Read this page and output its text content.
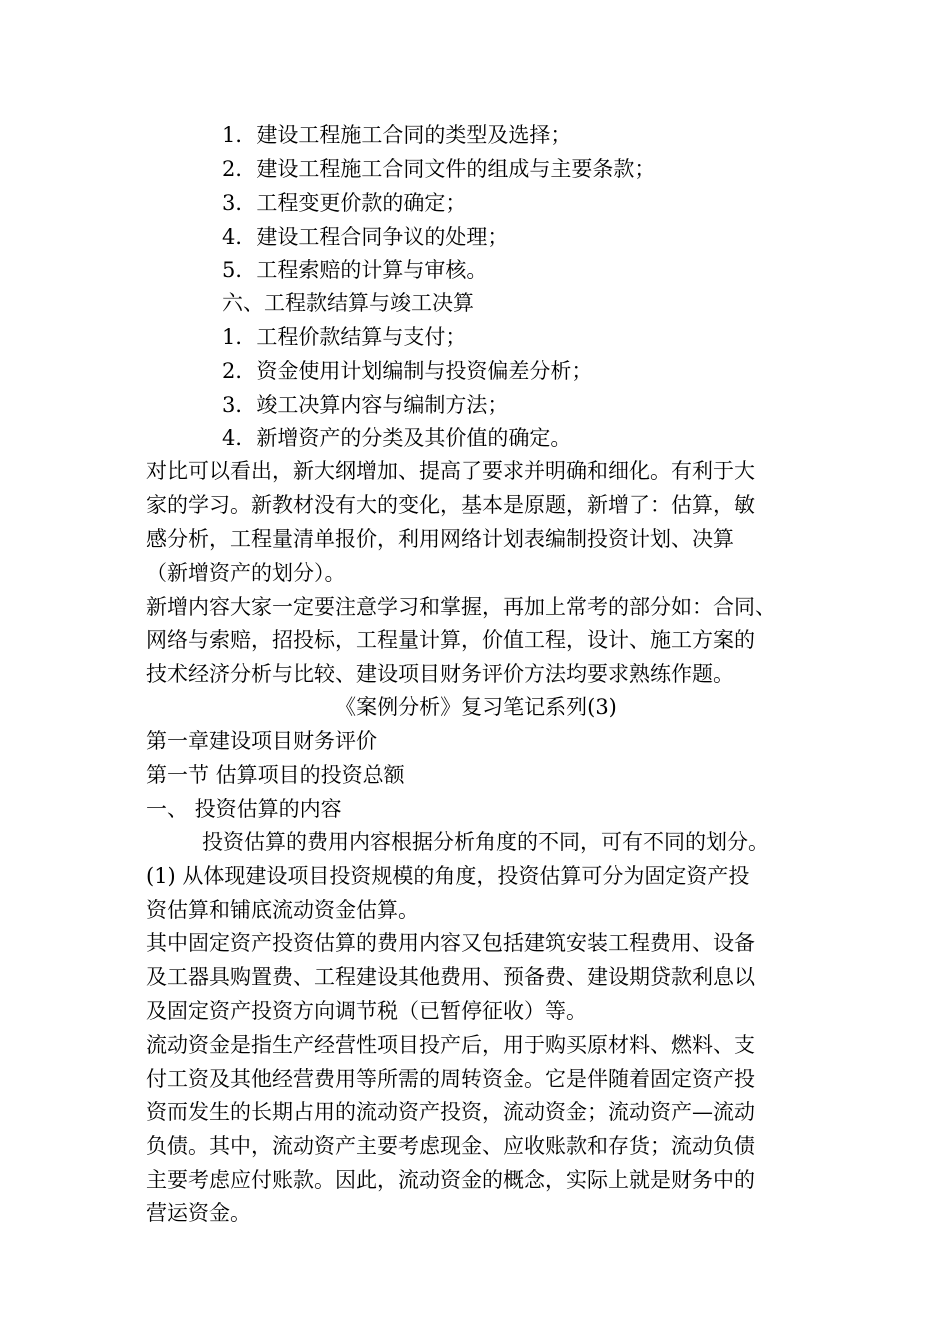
1．建设工程施工合同的类型及选择；
2．建设工程施工合同文件的组成与主要条款；
3．工程变更价款的确定；
4．建设工程合同争议的处理；
5．工程索赔的计算与审核。
六、工程款结算与竣工决算
1．工程价款结算与支付；
2．资金使用计划编制与投资偏差分析；
3．竣工决算内容与编制方法；
4．新增资产的分类及其价值的确定。
对比可以看出，新大纲增加、提高了要求并明确和细化。有利于大
家的学习。新教材没有大的变化，基本是原题，新增了：估算，敏
感分析，工程量清单报价，利用网络计划表编制投资计划、决算
（新增资产的划分）。
新增内容大家一定要注意学习和掌握，再加上常考的部分如：合同、
网络与索赔，招投标，工程量计算，价值工程，设计、施工方案的
技术经济分析与比较、建设项目财务评价方法均要求熟练作题。
《案例分析》复习笔记系列(3)
第一章建设项目财务评价
第一节 估算项目的投资总额
一、 投资估算的内容
投资估算的费用内容根据分析角度的不同，可有不同的划分。
(1) 从体现建设项目投资规模的角度，投资估算可分为固定资产投
资估算和铺底流动资金估算。
其中固定资产投资估算的费用内容又包括建筑安装工程费用、设备
及工器具购置费、工程建设其他费用、预备费、建设期贷款利息以
及固定资产投资方向调节税（已暂停征收）等。
流动资金是指生产经营性项目投产后，用于购买原材料、燃料、支
付工资及其他经营费用等所需的周转资金。它是伴随着固定资产投
资而发生的长期占用的流动资产投资，流动资金；流动资产—流动
负债。其中，流动资产主要考虑现金、应收账款和存货；流动负债
主要考虑应付账款。因此，流动资金的概念，实际上就是财务中的
营运资金。
